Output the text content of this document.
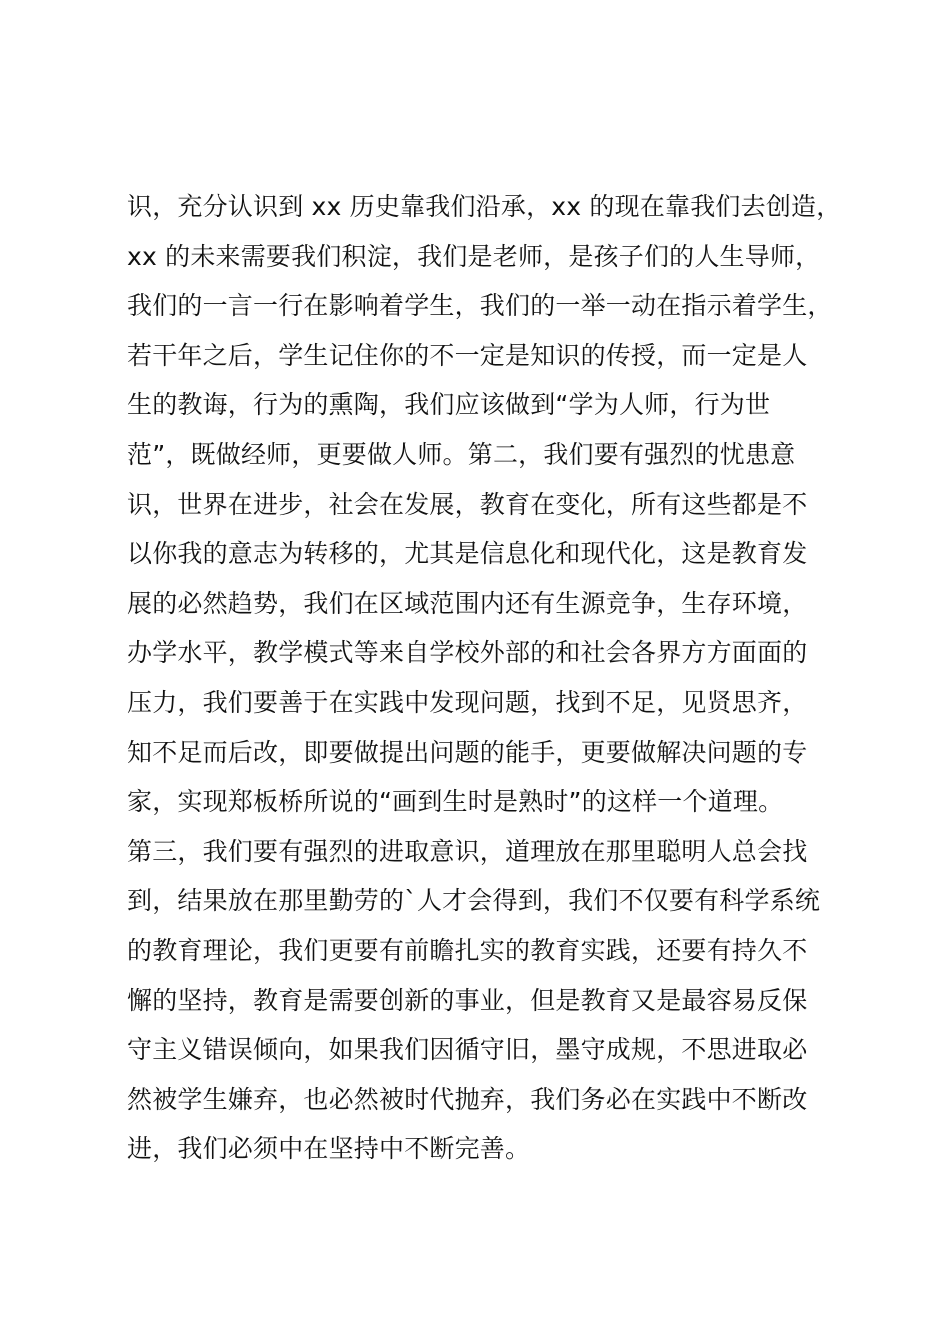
识，充分认识到 xx 历史靠我们沿承，xx 的现在靠我们去创造，
xx 的未来需要我们积淀，我们是老师，是孩子们的人生导师，
我们的一言一行在影响着学生，我们的一举一动在指示着学生，
若干年之后，学生记住你的不一定是知识的传授，而一定是人
生的教诲，行为的熏陶，我们应该做到“学为人师，行为世
范”，既做经师，更要做人师。第二，我们要有强烈的忧患意
识，世界在进步，社会在发展，教育在变化，所有这些都是不
以你我的意志为转移的，尤其是信息化和现代化，这是教育发
展的必然趋势，我们在区域范围内还有生源竞争，生存环境，
办学水平，教学模式等来自学校外部的和社会各界方方面面的
压力，我们要善于在实践中发现问题，找到不足，见贤思齐，
知不足而后改，即要做提出问题的能手，更要做解决问题的专
家，实现郑板桥所说的“画到生时是熟时”的这样一个道理。
第三，我们要有强烈的进取意识，道理放在那里聪明人总会找
到，结果放在那里勤劳的`人才会得到，我们不仅要有科学系统
的教育理论，我们更要有前瞻扎实的教育实践，还要有持久不
懈的坚持，教育是需要创新的事业，但是教育又是最容易反保
守主义错误倾向，如果我们因循守旧，墨守成规，不思进取必
然被学生嫌弃，也必然被时代抛弃，我们务必在实践中不断改
进，我们必须中在坚持中不断完善。
